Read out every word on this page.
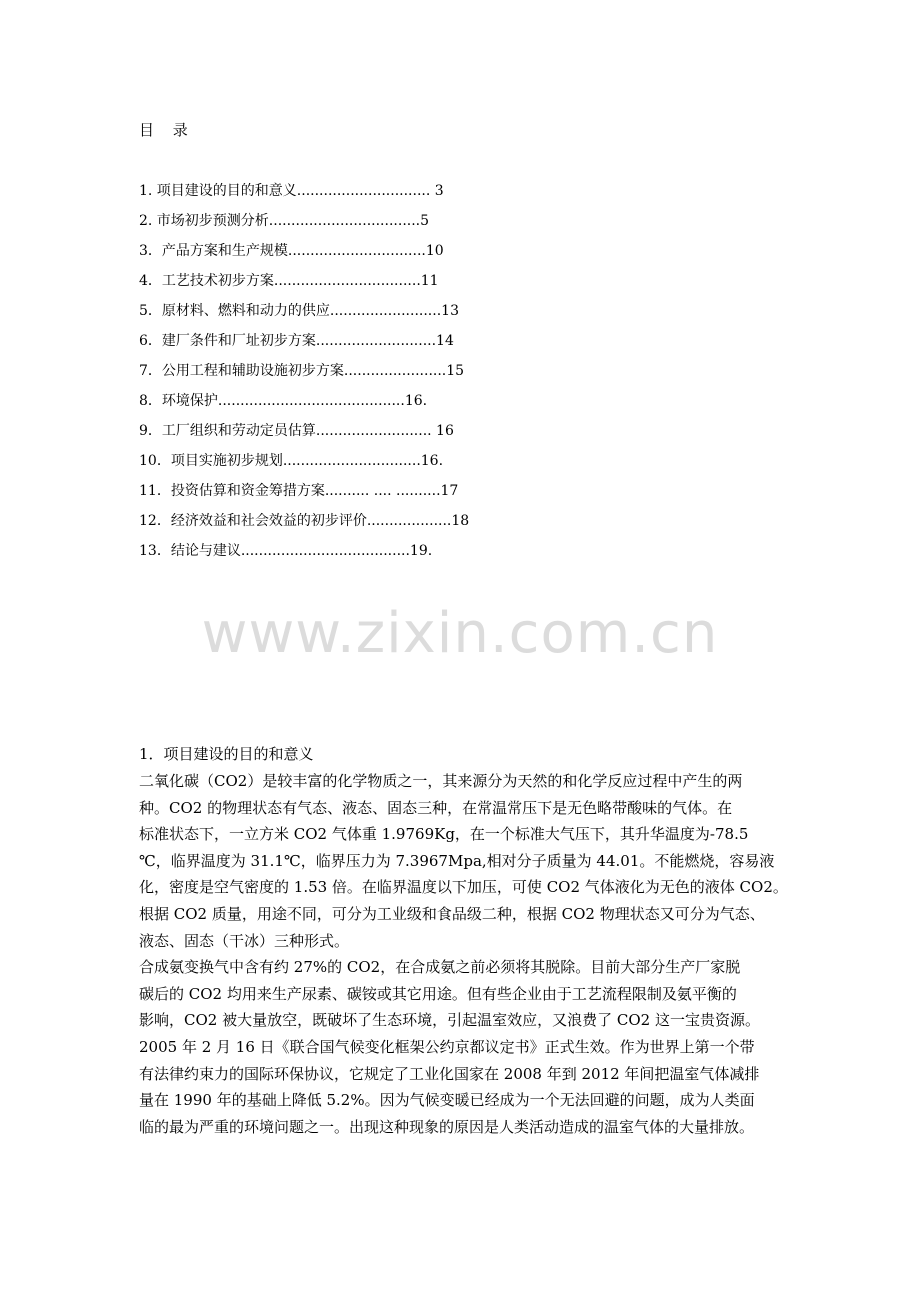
目 录
1. 项目建设的目的和意义.............................. 3
2. 市场初步预测分析..................................5
3．产品方案和生产规模...............................10
4．工艺技术初步方案.................................11
5．原材料、燃料和动力的供应.........................13
6．建厂条件和厂址初步方案...........................14
7．公用工程和辅助设施初步方案.......................15
8．环境保护..........................................16.
9．工厂组织和劳动定员估算.......................... 16
10．项目实施初步规划...............................16.
11．投资估算和资金筹措方案.......... .... ..........17
12．经济效益和社会效益的初步评价...................18
13．结论与建议......................................19.
www.zixin.com.cn
1．项目建设的目的和意义
二氧化碳（CO2）是较丰富的化学物质之一，其来源分为天然的和化学反应过程中产生的两
种。CO2 的物理状态有气态、液态、固态三种，在常温常压下是无色略带酸味的气体。在
标准状态下，一立方米 CO2 气体重 1.9769Kg，在一个标准大气压下，其升华温度为-78.5
℃，临界温度为 31.1℃，临界压力为 7.3967Mpa,相对分子质量为 44.01。不能燃烧，容易液
化，密度是空气密度的 1.53 倍。在临界温度以下加压，可使 CO2 气体液化为无色的液体 CO2。
根据 CO2 质量，用途不同，可分为工业级和食品级二种，根据 CO2 物理状态又可分为气态、
液态、固态（干冰）三种形式。
合成氨变换气中含有约 27%的 CO2，在合成氨之前必须将其脱除。目前大部分生产厂家脱
碳后的 CO2 均用来生产尿素、碳铵或其它用途。但有些企业由于工艺流程限制及氨平衡的
影响，CO2 被大量放空，既破坏了生态环境，引起温室效应，又浪费了 CO2 这一宝贵资源。
2005 年 2 月 16 日《联合国气候变化框架公约京都议定书》正式生效。作为世界上第一个带
有法律约束力的国际环保协议，它规定了工业化国家在 2008 年到 2012 年间把温室气体减排
量在 1990 年的基础上降低 5.2%。因为气候变暖已经成为一个无法回避的问题，成为人类面
临的最为严重的环境问题之一。出现这种现象的原因是人类活动造成的温室气体的大量排放。
